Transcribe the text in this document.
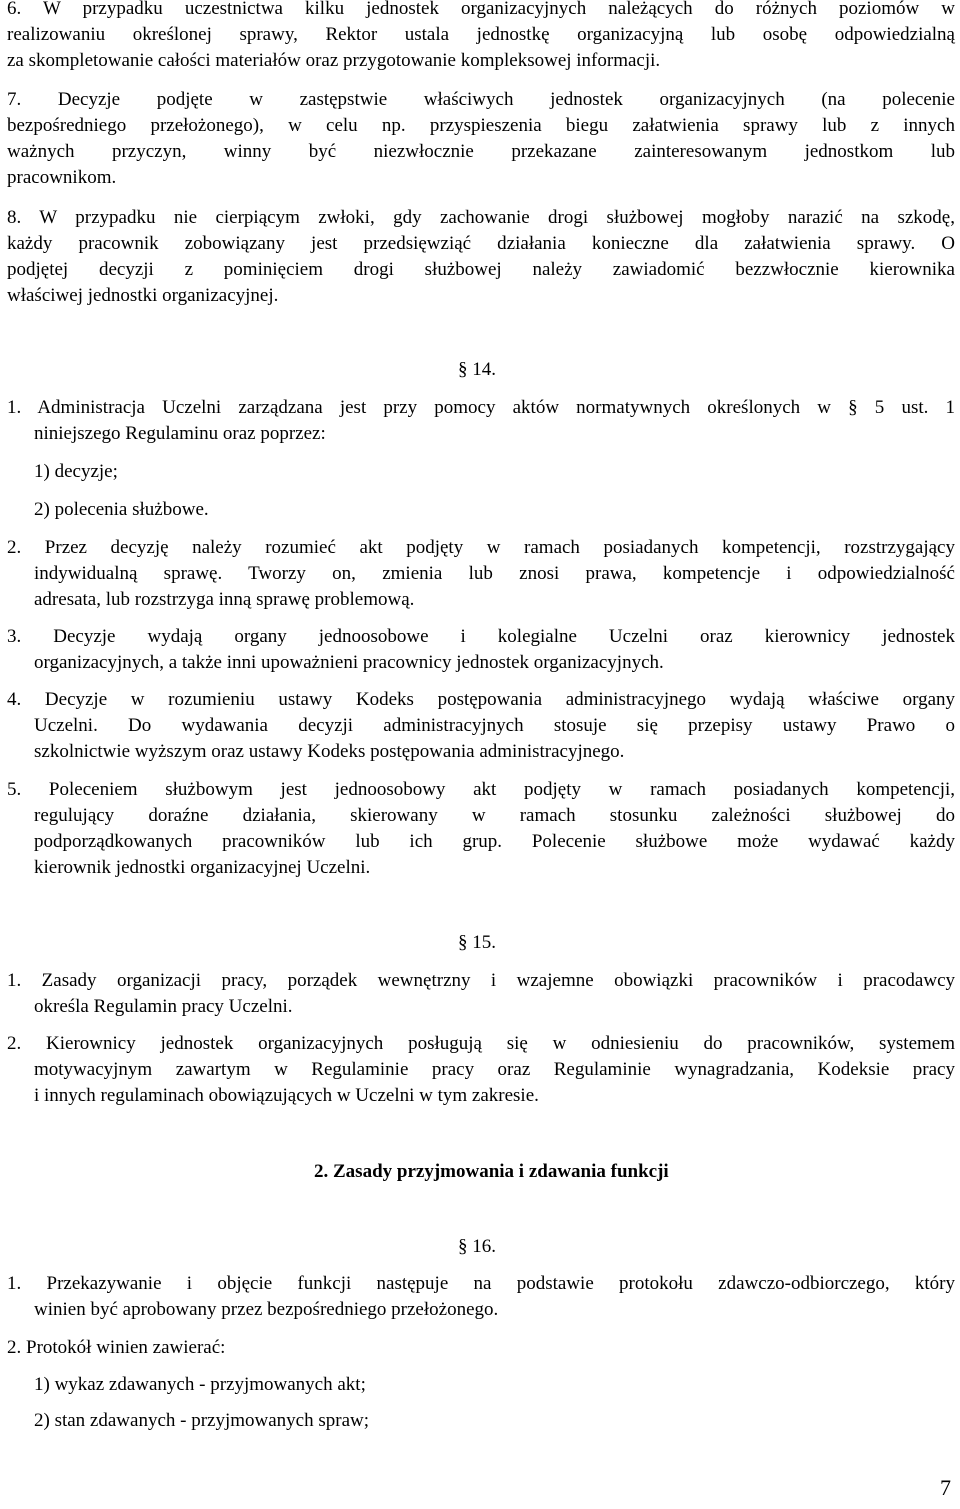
6. W przypadku uczestnictwa kilku jednostek organizacyjnych należących do różnych poziomów w
realizowaniu określonej sprawy, Rektor ustala jednostkę organizacyjną lub osobę odpowiedzialną
za skompletowanie całości materiałów oraz przygotowanie kompleksowej informacji.
7. Decyzje podjęte w zastępstwie właściwych jednostek organizacyjnych (na polecenie
bezpośredniego przełożonego), w celu np. przyspieszenia biegu załatwienia sprawy lub z innych
ważnych przyczyn, winny być niezwłocznie przekazane zainteresowanym jednostkom lub
pracownikom.
8. W przypadku nie cierpiącym zwłoki, gdy zachowanie drogi służbowej mogłoby narazić na szkodę,
każdy pracownik zobowiązany jest przedsięwziąć działania konieczne dla załatwienia sprawy. O
podjętej decyzji z pominięciem drogi służbowej należy zawiadomić bezzwłocznie kierownika
właściwej jednostki organizacyjnej.
§ 14.
1. Administracja Uczelni zarządzana jest przy pomocy aktów normatywnych określonych w § 5 ust. 1
niniejszego Regulaminu oraz poprzez:
1) decyzje;
2) polecenia służbowe.
2. Przez decyzję należy rozumieć akt podjęty w ramach posiadanych kompetencji, rozstrzygający
indywidualną sprawę. Tworzy on, zmienia lub znosi prawa, kompetencje i odpowiedzialność
adresata, lub rozstrzyga inną sprawę problemową.
3. Decyzje wydają organy jednoosobowe i kolegialne Uczelni oraz kierownicy jednostek
organizacyjnych, a także inni upoważnieni pracownicy jednostek organizacyjnych.
4. Decyzje w rozumieniu ustawy Kodeks postępowania administracyjnego wydają właściwe organy
Uczelni. Do wydawania decyzji administracyjnych stosuje się przepisy ustawy Prawo o
szkolnictwie wyższym oraz ustawy Kodeks postępowania administracyjnego.
5. Poleceniem służbowym jest jednoosobowy akt podjęty w ramach posiadanych kompetencji,
regulujący doraźne działania, skierowany w ramach stosunku zależności służbowej do
podporządkowanych pracowników lub ich grup. Polecenie służbowe może wydawać każdy
kierownik jednostki organizacyjnej Uczelni.
§ 15.
1. Zasady organizacji pracy, porządek wewnętrzny i wzajemne obowiązki pracowników i pracodawcy
określa Regulamin pracy Uczelni.
2. Kierownicy jednostek organizacyjnych posługują się w odniesieniu do pracowników, systemem
motywacyjnym zawartym w Regulaminie pracy oraz Regulaminie wynagradzania, Kodeksie pracy
i innych regulaminach obowiązujących w Uczelni w tym zakresie.
2. Zasady przyjmowania i zdawania funkcji
§ 16.
1. Przekazywanie i objęcie funkcji następuje na podstawie protokołu zdawczo-odbiorczego, który
winien być aprobowany przez bezpośredniego przełożonego.
2. Protokół winien zawierać:
1) wykaz zdawanych - przyjmowanych akt;
2) stan zdawanych - przyjmowanych spraw;
7
